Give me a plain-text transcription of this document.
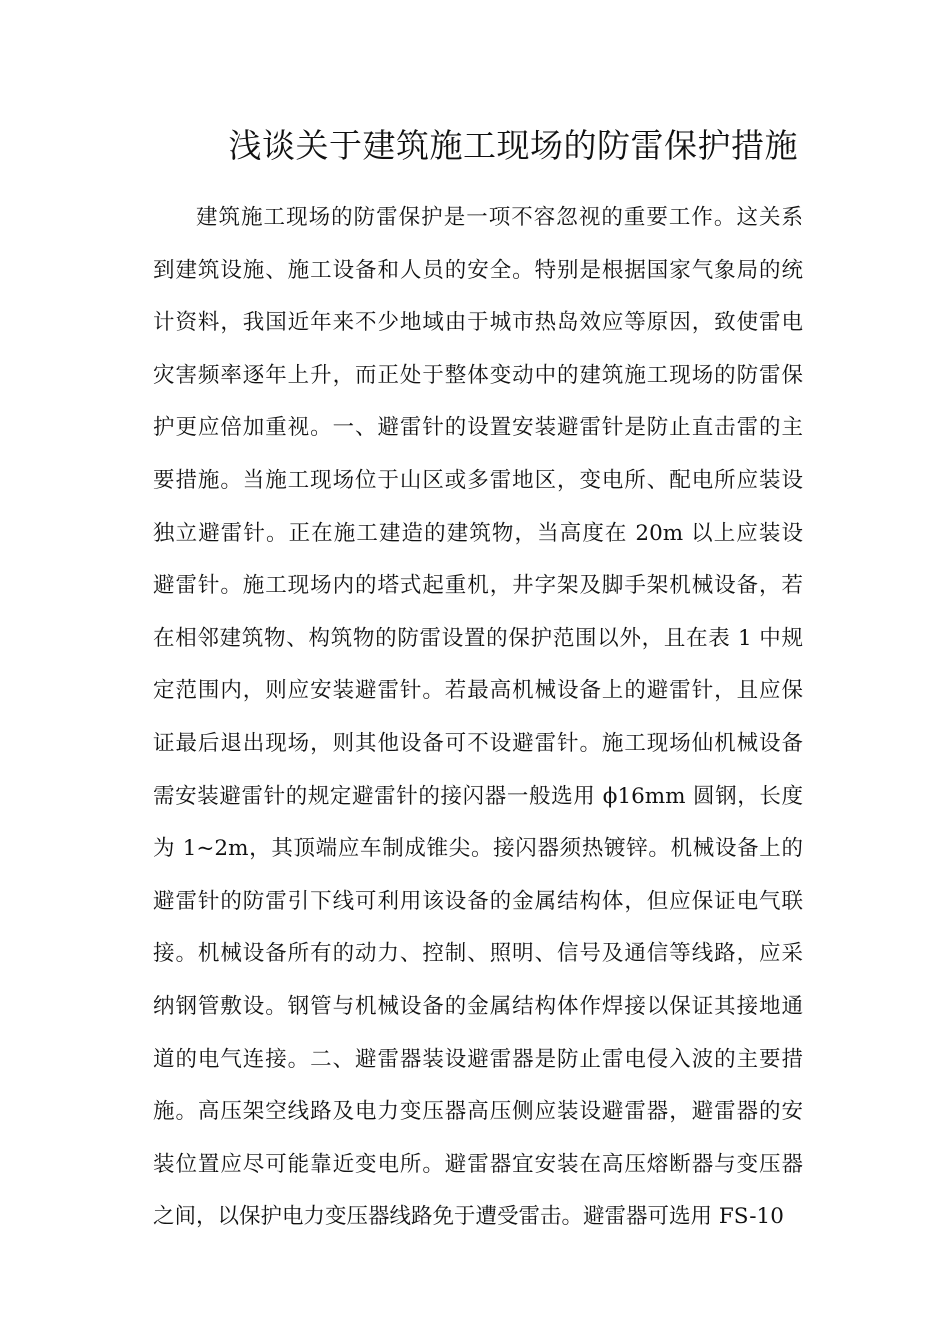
浅谈关于建筑施工现场的防雷保护措施
建筑施工现场的防雷保护是一项不容忽视的重要工作。这关系
到建筑设施、施工设备和人员的安全。特别是根据国家气象局的统
计资料，我国近年来不少地域由于城市热岛效应等原因，致使雷电
灾害频率逐年上升，而正处于整体变动中的建筑施工现场的防雷保
护更应倍加重视。一、避雷针的设置安装避雷针是防止直击雷的主
要措施。当施工现场位于山区或多雷地区，变电所、配电所应装设
独立避雷针。正在施工建造的建筑物，当高度在 20m 以上应装设
避雷针。施工现场内的塔式起重机，井字架及脚手架机械设备，若
在相邻建筑物、构筑物的防雷设置的保护范围以外，且在表 1 中规
定范围内，则应安装避雷针。若最高机械设备上的避雷针，且应保
证最后退出现场，则其他设备可不设避雷针。施工现场仙机械设备
需安装避雷针的规定避雷针的接闪器一般选用 ϕ16mm 圆钢，长度
为 1~2m，其顶端应车制成锥尖。接闪器须热镀锌。机械设备上的
避雷针的防雷引下线可利用该设备的金属结构体，但应保证电气联
接。机械设备所有的动力、控制、照明、信号及通信等线路，应采
纳钢管敷设。钢管与机械设备的金属结构体作焊接以保证其接地通
道的电气连接。二、避雷器装设避雷器是防止雷电侵入波的主要措
施。高压架空线路及电力变压器高压侧应装设避雷器，避雷器的安
装位置应尽可能靠近变电所。避雷器宜安装在高压熔断器与变压器
之间，以保护电力变压器线路免于遭受雷击。避雷器可选用 FS-10
